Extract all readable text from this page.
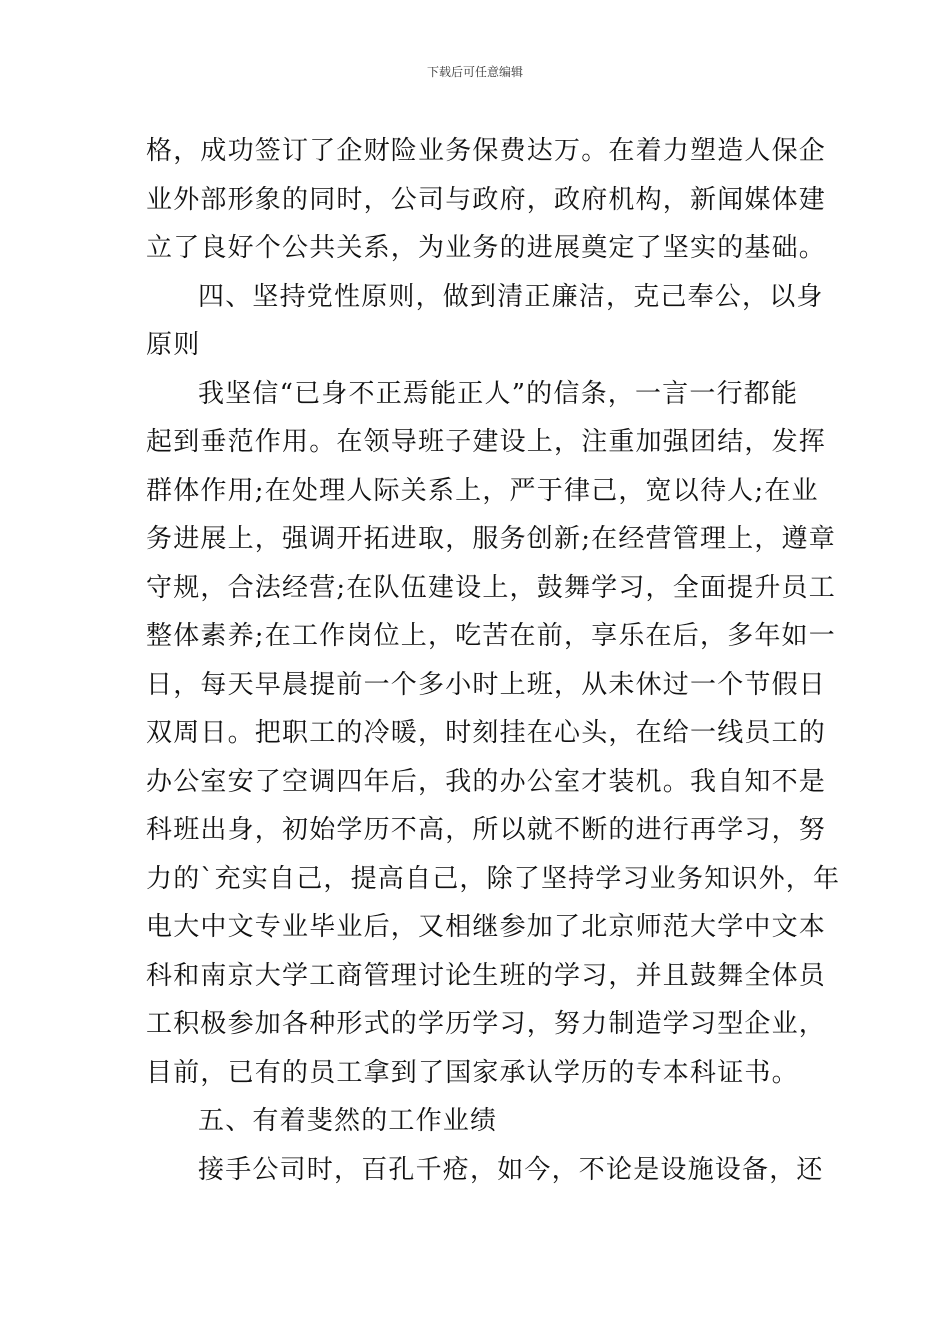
下载后可任意编辑
格，成功签订了企财险业务保费达万。在着力塑造人保企
业外部形象的同时，公司与政府，政府机构，新闻媒体建
立了良好个公共关系，为业务的进展奠定了坚实的基础。
四、坚持党性原则，做到清正廉洁，克己奉公，以身
原则
我坚信“已身不正焉能正人”的信条，一言一行都能
起到垂范作用。在领导班子建设上，注重加强团结，发挥
群体作用;在处理人际关系上，严于律己，宽以待人;在业
务进展上，强调开拓进取，服务创新;在经营管理上，遵章
守规，合法经营;在队伍建设上，鼓舞学习，全面提升员工
整体素养;在工作岗位上，吃苦在前，享乐在后，多年如一
日，每天早晨提前一个多小时上班，从未休过一个节假日
双周日。把职工的冷暖，时刻挂在心头，在给一线员工的
办公室安了空调四年后，我的办公室才装机。我自知不是
科班出身，初始学历不高，所以就不断的进行再学习，努
力的`充实自己，提高自己，除了坚持学习业务知识外，年
电大中文专业毕业后，又相继参加了北京师范大学中文本
科和南京大学工商管理讨论生班的学习，并且鼓舞全体员
工积极参加各种形式的学历学习，努力制造学习型企业，
目前，已有的员工拿到了国家承认学历的专本科证书。
五、有着斐然的工作业绩
接手公司时，百孔千疮，如今，不论是设施设备，还
